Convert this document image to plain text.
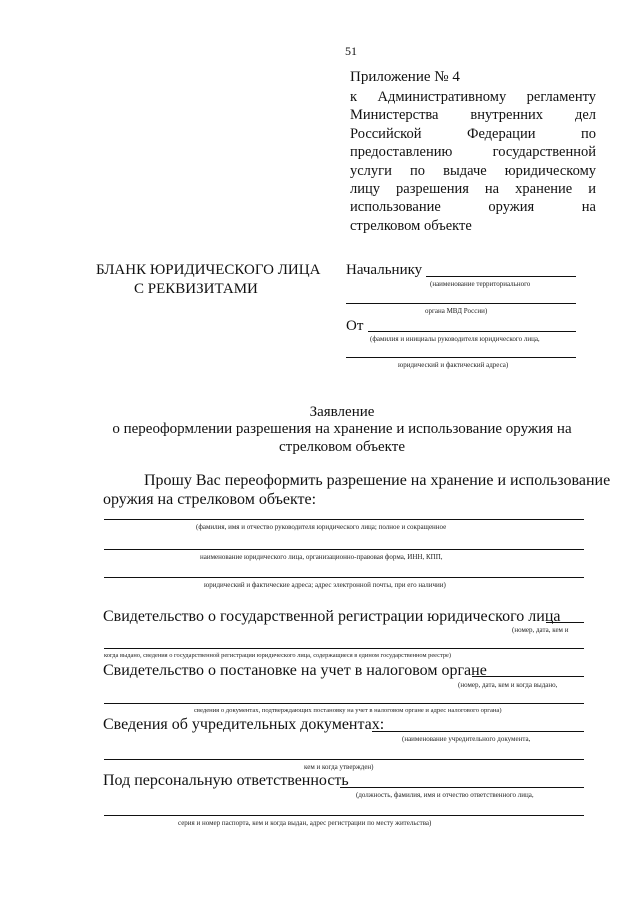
51
Приложение № 4
к Административному регламенту
Министерства внутренних дел
Российской Федерации по
предоставлению государственной
услуги по выдаче юридическому
лицу разрешения на хранение и
использование оружия на
стрелковом объекте
БЛАНК ЮРИДИЧЕСКОГО ЛИЦА
С РЕКВИЗИТАМИ
Начальнику
(наименование территориального
органа МВД России)
От
(фамилия и инициалы руководителя юридического лица,
юридический и фактический адреса)
Заявление
о переоформлении разрешения на хранение и использование оружия на
стрелковом объекте
Прошу Вас переоформить разрешение на хранение и использование
оружия на стрелковом объекте:
(фамилия, имя и отчество руководителя юридического лица; полное и сокращенное
наименование юридического лица, организационно-правовая форма, ИНН, КПП,
юридический и фактические адреса; адрес электронной почты, при его наличии)
Свидетельство о государственной регистрации юридического лица
(номер, дата, кем и
когда выдано, сведения о государственной регистрации юридического лица, содержащиеся в едином государственном реестре)
Свидетельство о постановке на учет в налоговом органе
(номер, дата, кем и когда выдано,
сведения о документах, подтверждающих постановку на учет в налоговом органе и адрес налогового органа)
Сведения об учредительных документах:
(наименование учредительного документа,
кем и когда утвержден)
Под персональную ответственность
(должность, фамилия, имя и отчество ответственного лица,
серия и номер паспорта, кем и когда выдан, адрес регистрации по месту жительства)
